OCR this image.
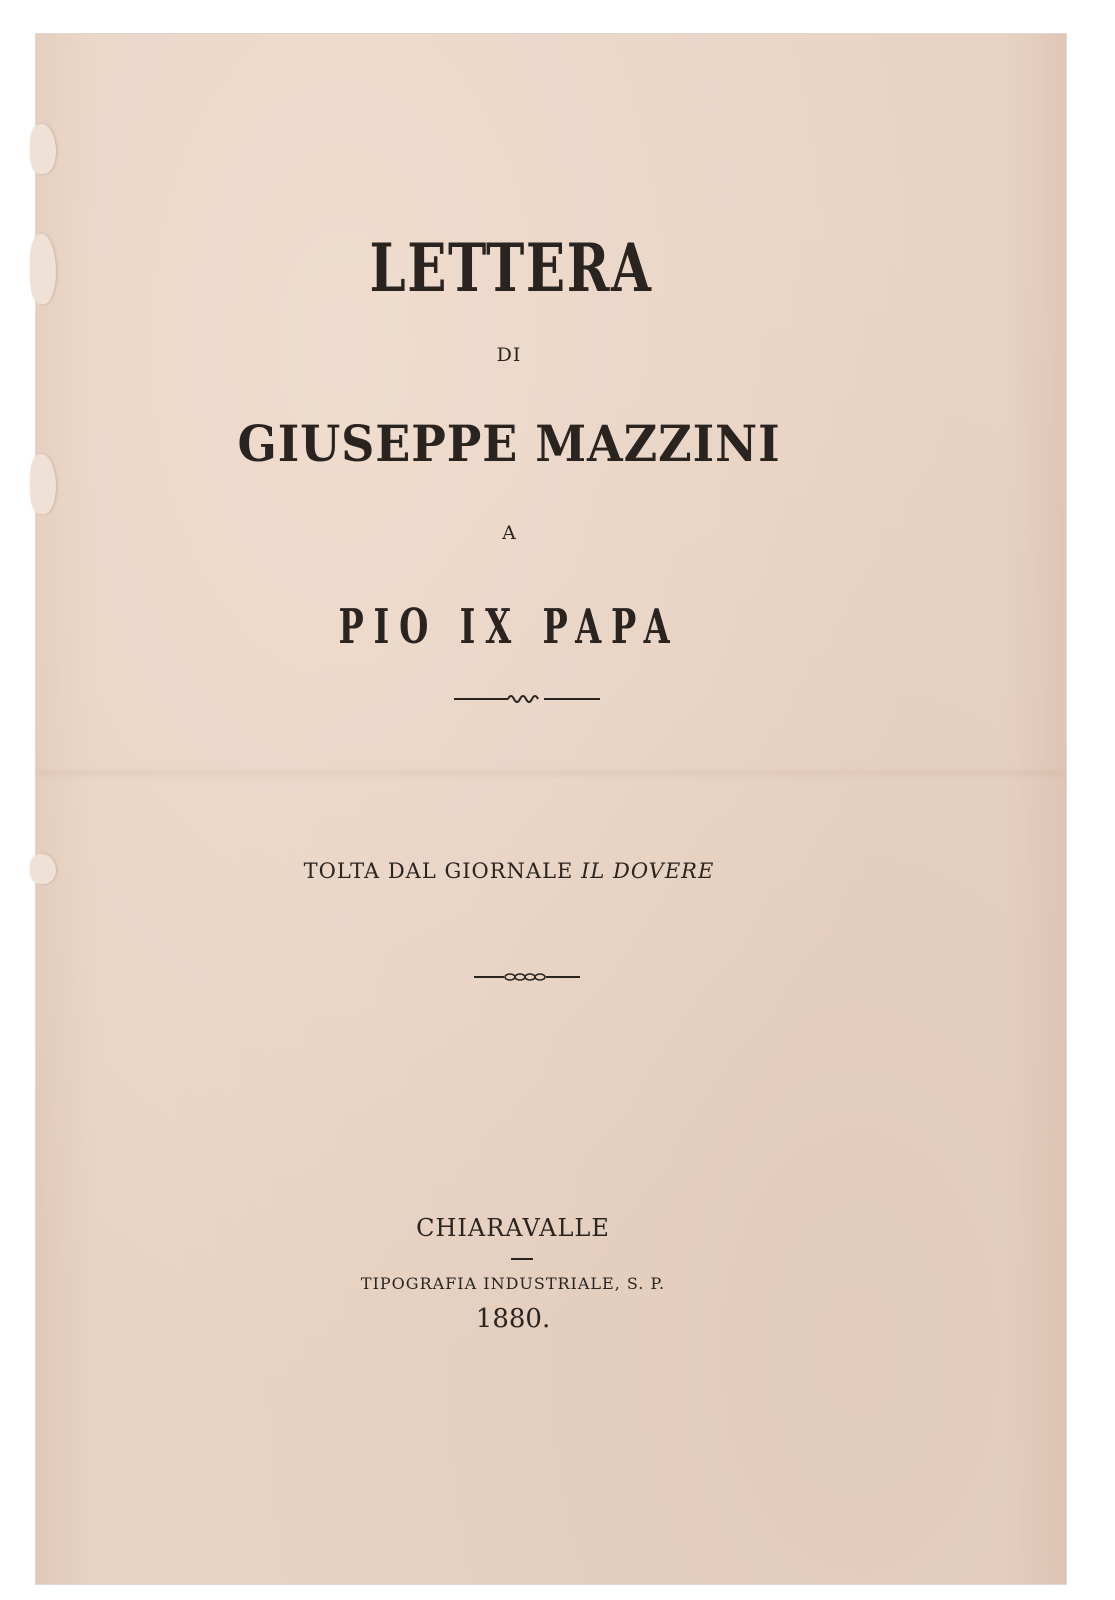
LETTERA
DI
GIUSEPPE MAZZINI
A
PIO IX PAPA
TOLTA DAL GIORNALE IL DOVERE
CHIARAVALLE
TIPOGRAFIA INDUSTRIALE, S. P.
1880.
